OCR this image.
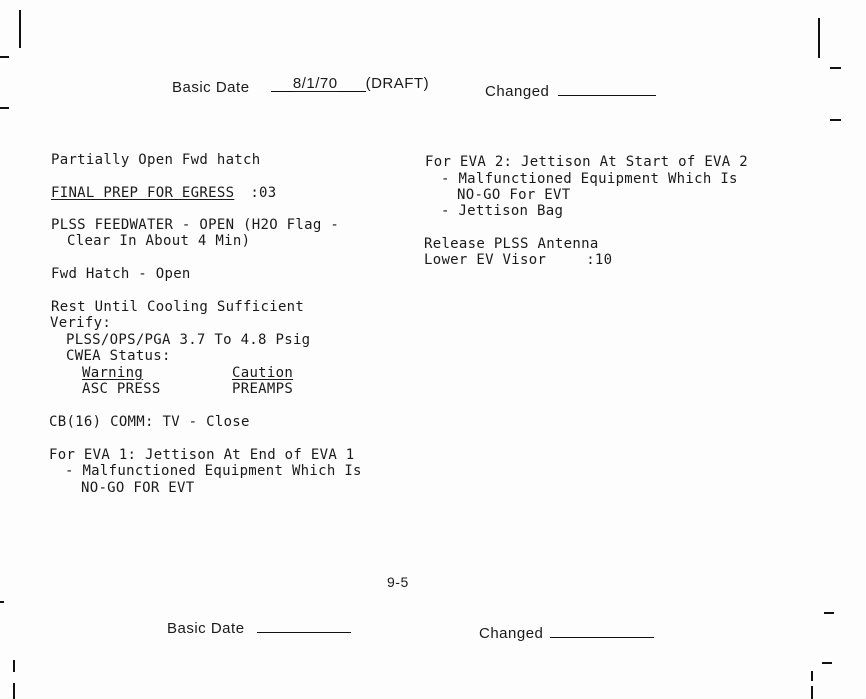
Basic Date	8/1/70 (DRAFT)	Changed
Partially Open Fwd hatch
FINAL PREP FOR EGRESS :03
PLSS FEEDWATER - OPEN (H2O Flag -
Clear In About 4 Min)
Fwd Hatch - Open
Rest Until Cooling Sufficient
Verify:
PLSS/OPS/PGA 3.7 To 4.8 Psig
CWEA Status:
Warning	Caution
ASC PRESS	PREAMPS
CB(16) COMM: TV - Close
For EVA 1: Jettison At End of EVA 1
- Malfunctioned Equipment Which Is
NO-GO FOR EVT
For EVA 2: Jettison At Start of EVA 2
- Malfunctioned Equipment Which Is
NO-GO For EVT
- Jettison Bag
Release PLSS Antenna
Lower EV Visor	:10
9-5
Basic Date	Changed
